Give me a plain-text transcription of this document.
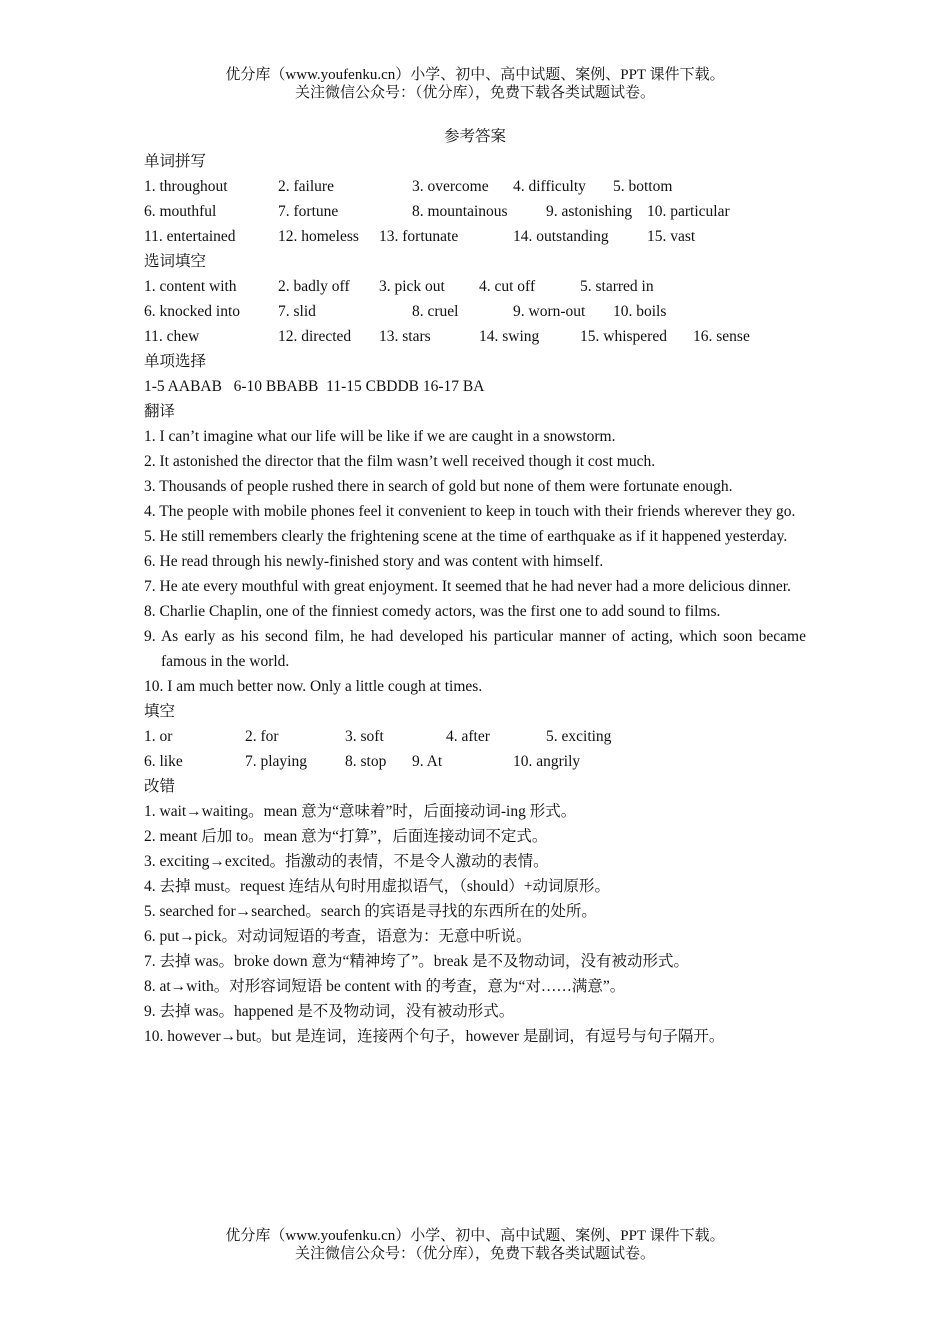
优分库（www.youfenku.cn）小学、初中、高中试题、案例、PPT 课件下载。
关注微信公众号：（优分库），免费下载各类试题试卷。
参考答案
单词拼写
1. throughout	2. failure	3. overcome 4. difficulty 5. bottom
6. mouthful	7. fortune	8. mountainous 9. astonishing 10. particular
11. entertained	12. homeless 13. fortunate	14. outstanding 15. vast
选词填空
1. content with	2. badly off 3. pick out 4. cut off	5. starred in
6. knocked into 7. slid	8. cruel	9. worn-out 10. boils
11. chew	12. directed 13. stars	14. swing	15. whispered 16. sense
单项选择
1-5 AABAB   6-10 BBABB  11-15 CBDDB 16-17 BA
翻译
1. I can’t imagine what our life will be like if we are caught in a snowstorm.
2. It astonished the director that the film wasn’t well received though it cost much.
3. Thousands of people rushed there in search of gold but none of them were fortunate enough.
4. The people with mobile phones feel it convenient to keep in touch with their friends wherever they go.
5. He still remembers clearly the frightening scene at the time of earthquake as if it happened yesterday.
6. He read through his newly-finished story and was content with himself.
7. He ate every mouthful with great enjoyment. It seemed that he had never had a more delicious dinner.
8. Charlie Chaplin, one of the finniest comedy actors, was the first one to add sound to films.
9. As early as his second film, he had developed his particular manner of acting, which soon became famous in the world.
10. I am much better now. Only a little cough at times.
填空
1. or	2. for	3. soft	4. after	5. exciting
6. like	7. playing 8. stop 9. At	10. angrily
改错
1. wait→waiting。mean 意为“意味着”时，后面接动词-ing 形式。
2. meant 后加 to。mean 意为“打算”，后面连接动词不定式。
3. exciting→excited。指激动的表情，不是令人激动的表情。
4. 去掉 must。request 连结从句时用虚拟语气，（should）+动词原形。
5. searched for→searched。search 的宾语是寻找的东西所在的处所。
6. put→pick。对动词短语的考查，语意为：无意中听说。
7. 去掉 was。broke down 意为“精神垮了”。break 是不及物动词，没有被动形式。
8. at→with。对形容词短语 be content with 的考查，意为“对……满意”。
9. 去掉 was。happened 是不及物动词，没有被动形式。
10. however→but。but 是连词，连接两个句子，however 是副词，有逗号与句子隔开。
优分库（www.youfenku.cn）小学、初中、高中试题、案例、PPT 课件下载。
关注微信公众号：（优分库），免费下载各类试题试卷。
